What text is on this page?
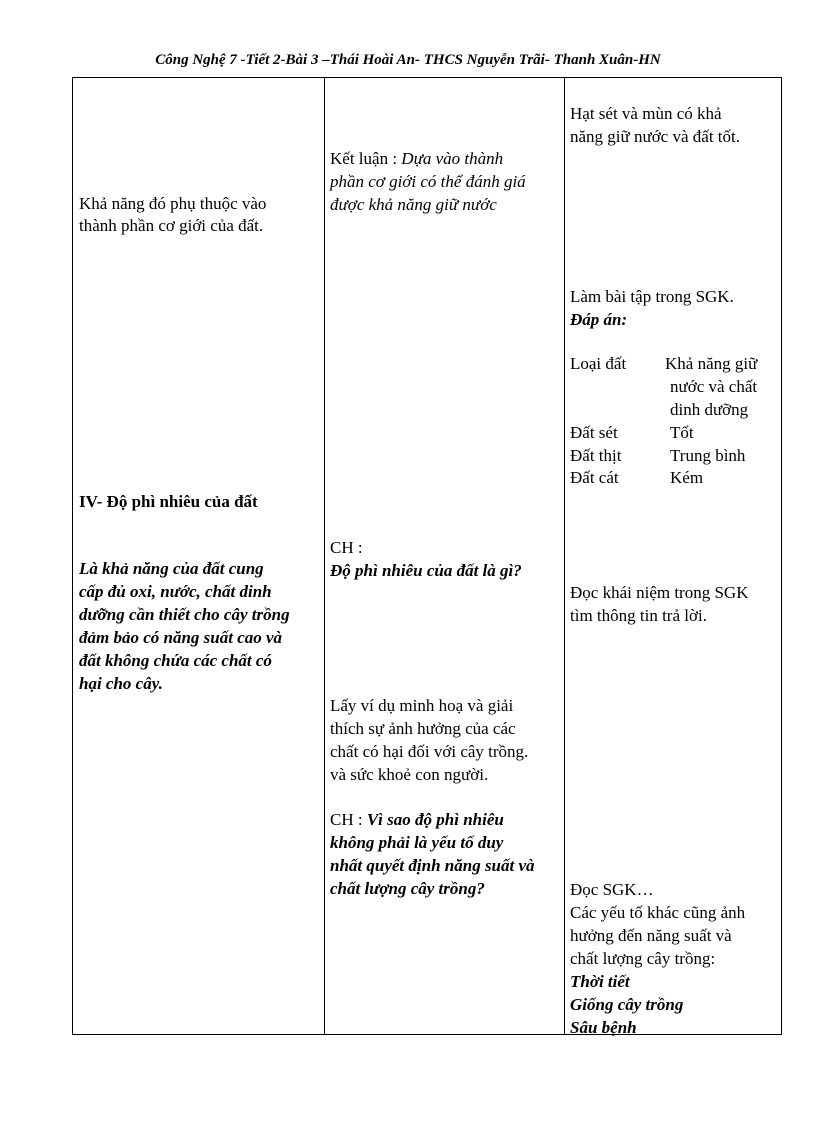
Công Nghệ 7 -Tiết 2-Bài 3 –Thái Hoài An- THCS Nguyễn Trãi- Thanh Xuân-HN
Khả năng đó phụ thuộc vào
thành phần cơ giới của đất.
IV- Độ phì nhiêu của đất
Là khả năng của đất cung
cấp đủ oxi, nước, chất dinh
dưỡng cần thiết cho cây trồng
đảm bảo có năng suất cao và
đất không chứa các chất có
hại cho cây.
Kết luận : Dựa vào thành
phần cơ giới có thể đánh giá
được khả năng giữ nước
CH :
Độ phì nhiêu của đất là gì?
Lấy ví dụ minh hoạ và giải
thích sự ảnh hưởng của các
chất có hại đối với cây trồng.
và sức khoẻ con người.
CH : Vì sao độ phì nhiêu
không phải là yếu tố duy
nhất quyết định năng suất và
chất lượng cây trồng?
Hạt sét và mùn có khả
năng giữ nước và đất tốt.
Làm bài tập trong SGK.
Đáp án:
Loại đất Khả năng giữ
nước và chất
dinh dưỡng
Đất sét	Tốt
Đất thịt	Trung bình
Đất cát	Kém
Đọc khái niệm trong SGK
tìm thông tin trả lời.
Đọc SGK…
Các yếu tố khác cũng ảnh
hưởng đến năng suất và
chất lượng cây trồng:
Thời tiết
Giống cây trồng
Sâu bệnh
